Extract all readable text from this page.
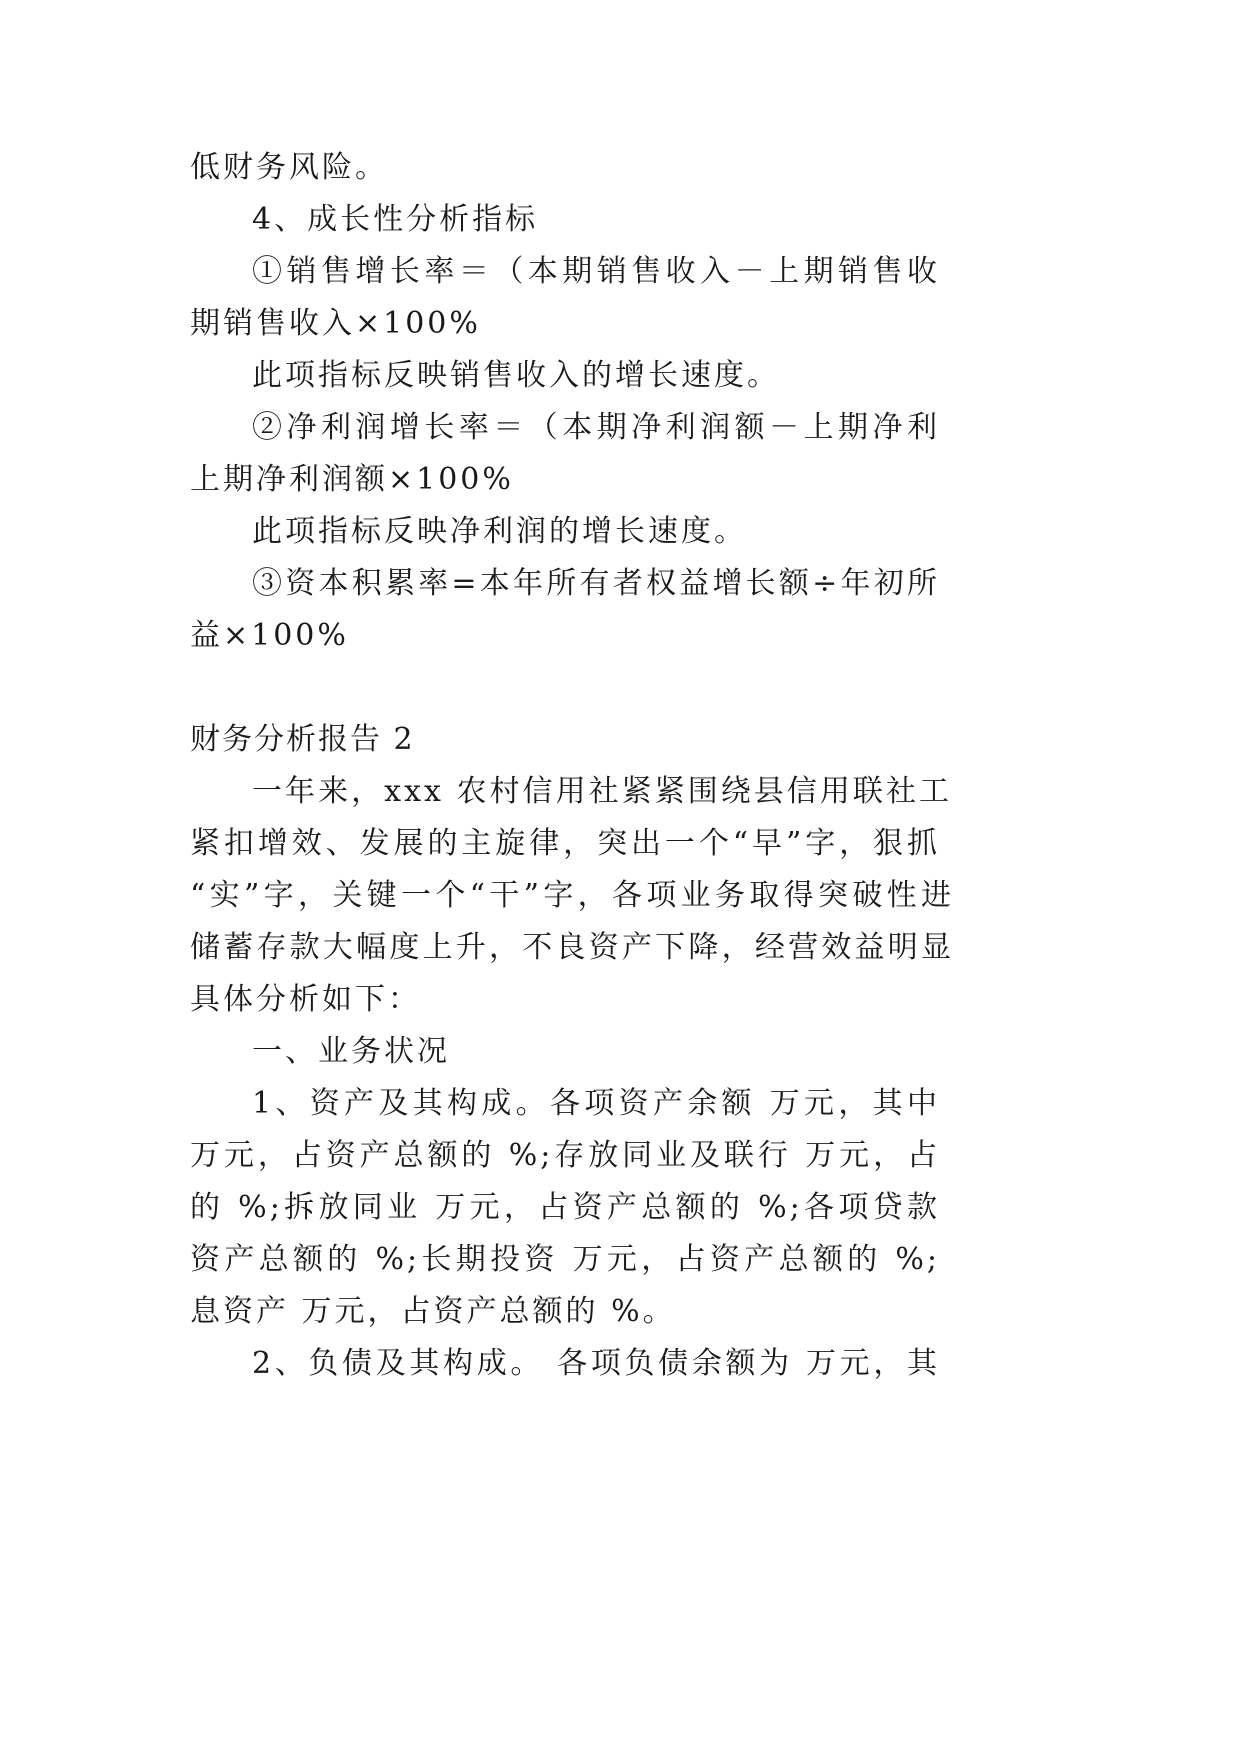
低财务风险。

4、成长性分析指标

①销售增长率＝（本期销售收入－上期销售收

期销售收入×100%

此项指标反映销售收入的增长速度。

②净利润增长率＝（本期净利润额－上期净利

上期净利润额×100%

此项指标反映净利润的增长速度。

③资本积累率=本年所有者权益增长额÷年初所

益×100%

财务分析报告 2

一年来，xxx 农村信用社紧紧围绕县信用联社工

紧扣增效、发展的主旋律，突出一个“早”字，狠抓

“实”字，关键一个“干”字，各项业务取得突破性进

储蓄存款大幅度上升，不良资产下降，经营效益明显

具体分析如下：

一、业务状况

1、资产及其构成。各项资产余额 万元，其中

万元，占资产总额的 %;存放同业及联行 万元，占

的 %;拆放同业 万元，占资产总额的 %;各项贷款

资产总额的 %;长期投资 万元，占资产总额的 %;

息资产 万元，占资产总额的 %。

2、负债及其构成。 各项负债余额为 万元，其
